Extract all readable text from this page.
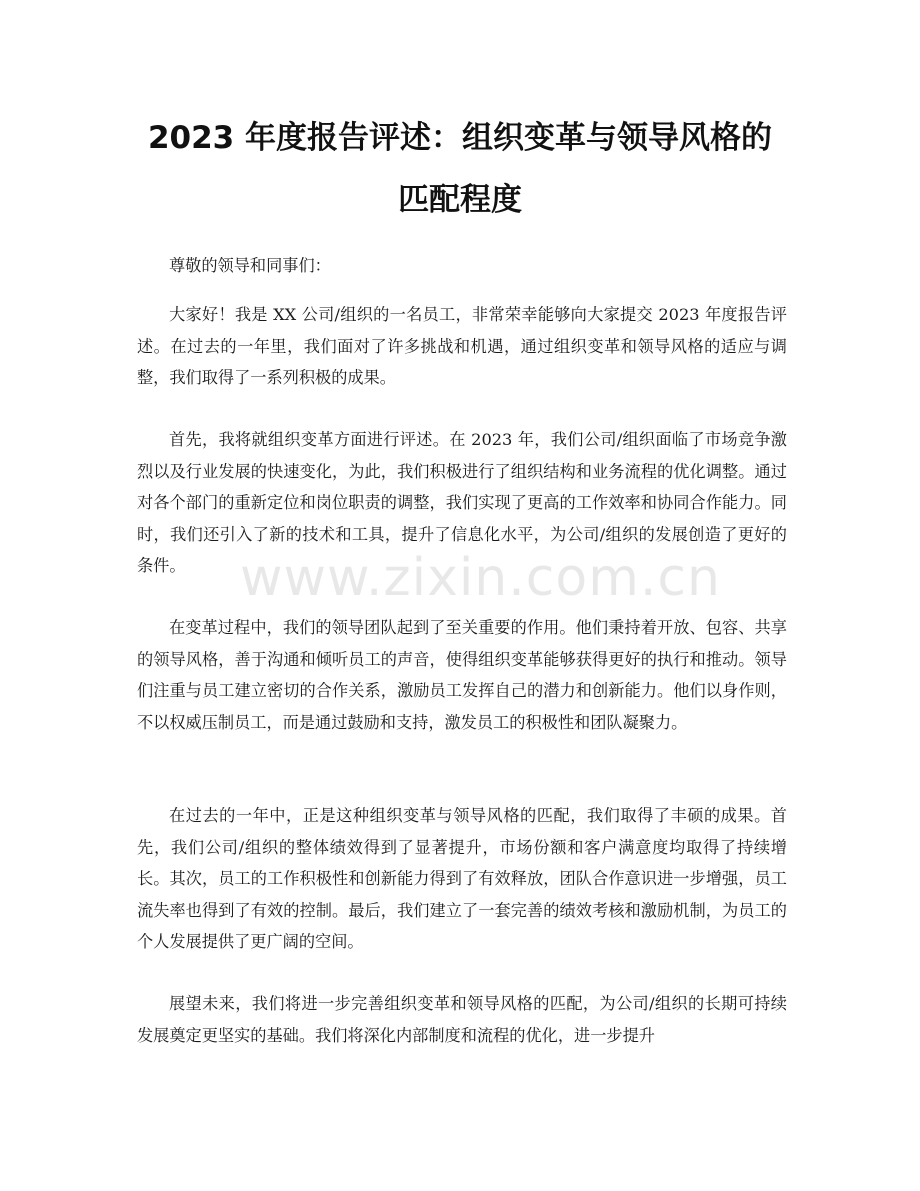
2023 年度报告评述：组织变革与领导风格的
匹配程度

尊敬的领导和同事们：

大家好！我是 XX 公司/组织的一名员工，非常荣幸能够向大家提交 2023 年度报告评述。在过去的一年里，我们面对了许多挑战和机遇，通过组织变革和领导风格的适应与调整，我们取得了一系列积极的成果。

首先，我将就组织变革方面进行评述。在 2023 年，我们公司/组织面临了市场竞争激烈以及行业发展的快速变化，为此，我们积极进行了组织结构和业务流程的优化调整。通过对各个部门的重新定位和岗位职责的调整，我们实现了更高的工作效率和协同合作能力。同时，我们还引入了新的技术和工具，提升了信息化水平，为公司/组织的发展创造了更好的条件。

在变革过程中，我们的领导团队起到了至关重要的作用。他们秉持着开放、包容、共享的领导风格，善于沟通和倾听员工的声音，使得组织变革能够获得更好的执行和推动。领导们注重与员工建立密切的合作关系，激励员工发挥自己的潜力和创新能力。他们以身作则，不以权威压制员工，而是通过鼓励和支持，激发员工的积极性和团队凝聚力。

在过去的一年中，正是这种组织变革与领导风格的匹配，我们取得了丰硕的成果。首先，我们公司/组织的整体绩效得到了显著提升，市场份额和客户满意度均取得了持续增长。其次，员工的工作积极性和创新能力得到了有效释放，团队合作意识进一步增强，员工流失率也得到了有效的控制。最后，我们建立了一套完善的绩效考核和激励机制，为员工的个人发展提供了更广阔的空间。

展望未来，我们将进一步完善组织变革和领导风格的匹配，为公司/组织的长期可持续发展奠定更坚实的基础。我们将深化内部制度和流程的优化，进一步提升

www.zixin.com.cn
